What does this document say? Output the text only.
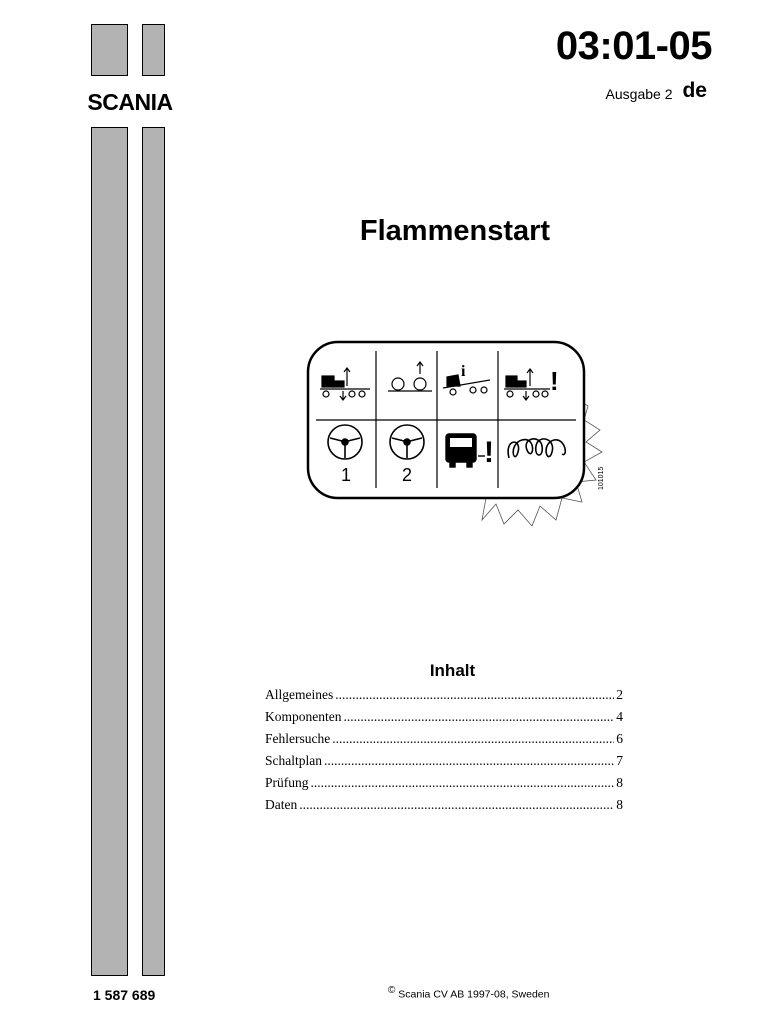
SCANIA
03:01-05
Ausgabe 2 de
Flammenstart
i	!
1	2
!
101015
Inhalt
Allgemeines .....	2
Komponenten .....	4
Fehlersuche .....	6
Schaltplan .....	7
Prüfung .....	8
Daten .....	8
1 587 689	© Scania CV AB 1997-08, Sweden
